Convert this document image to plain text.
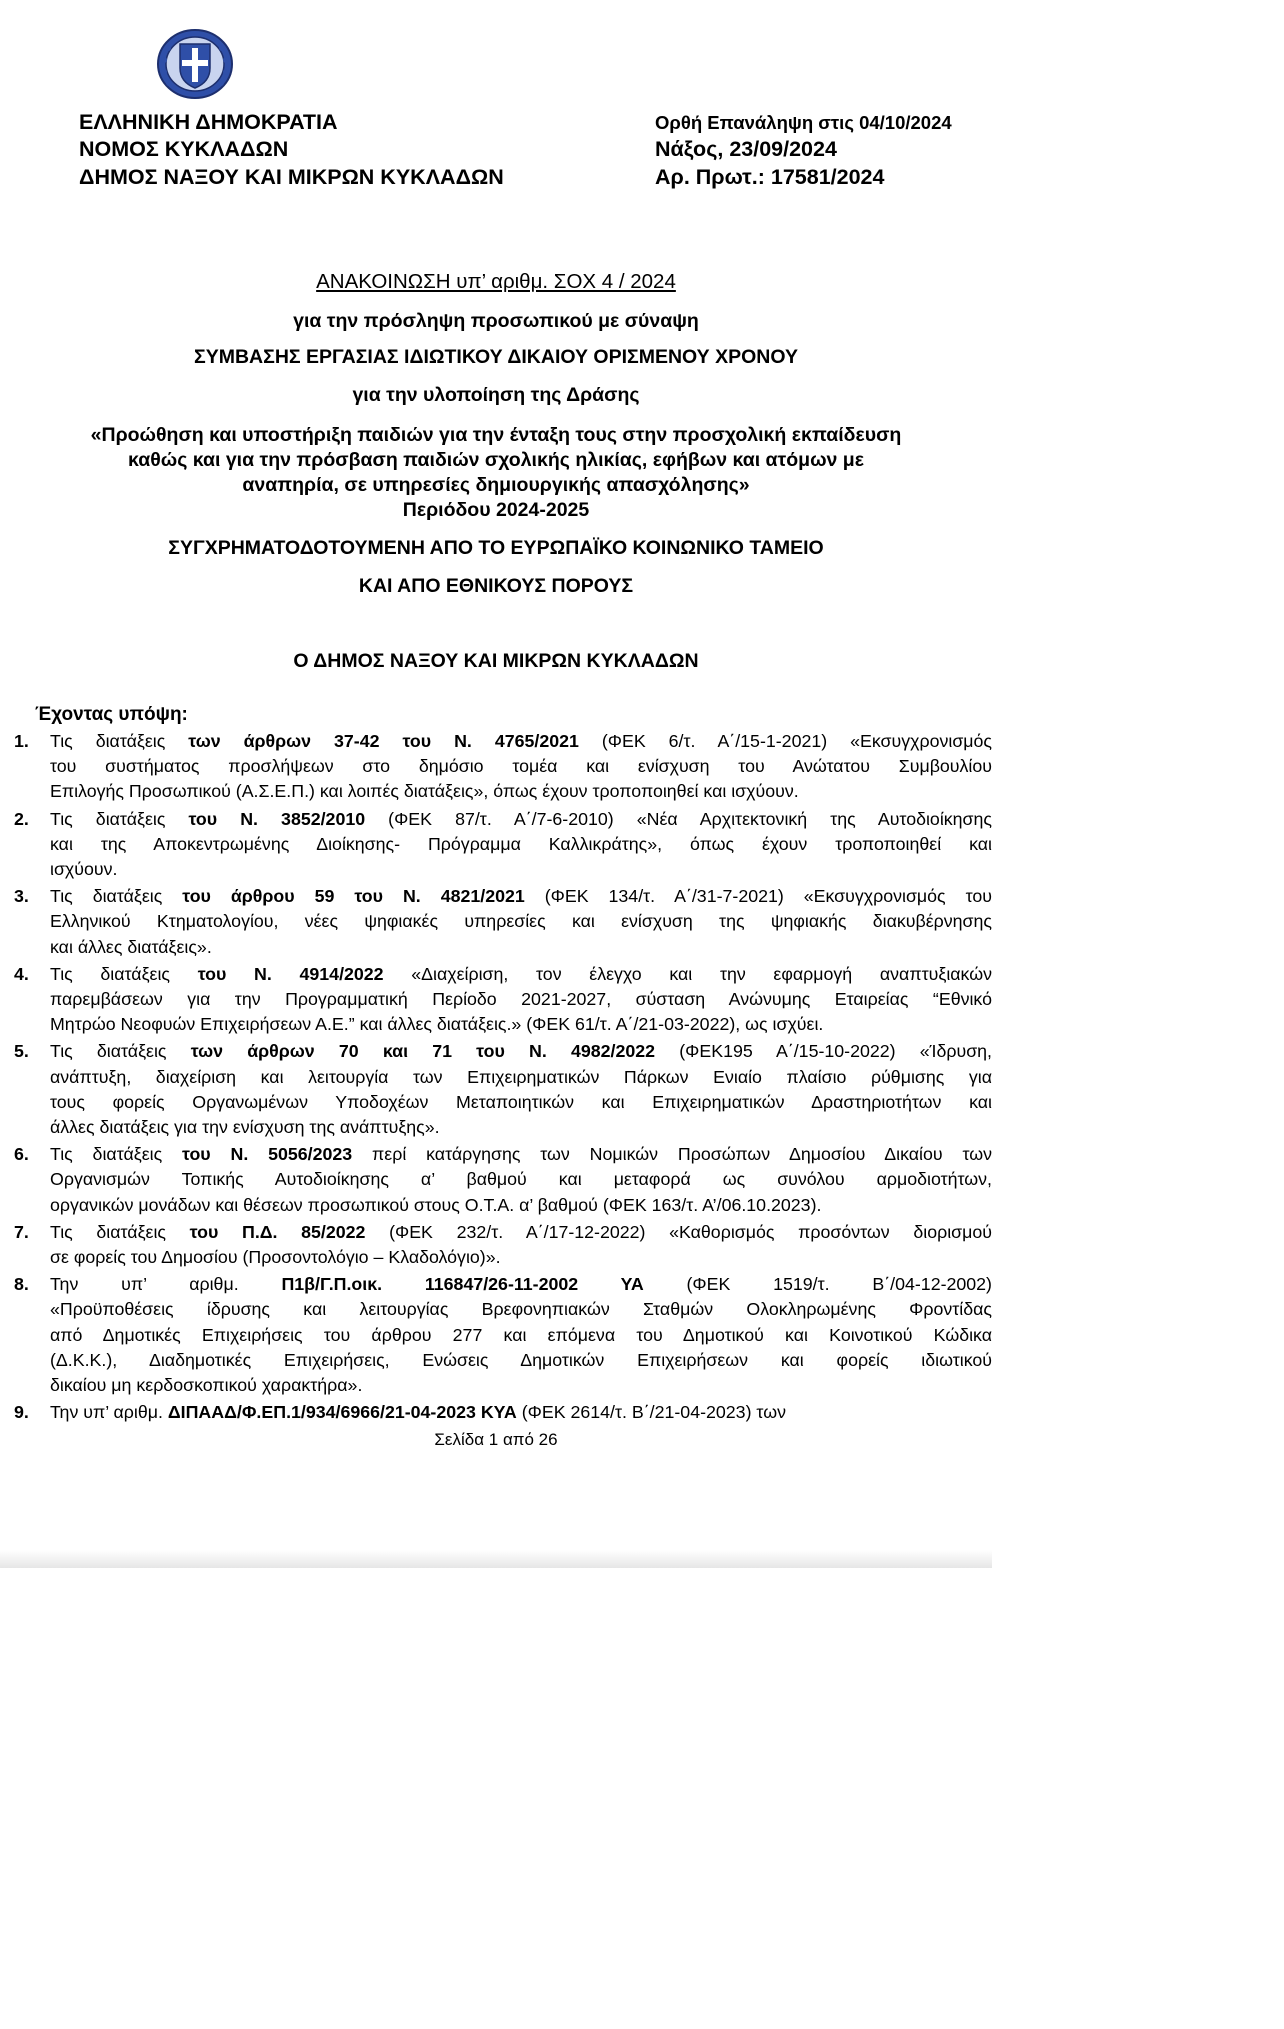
ΕΛΛΗΝΙΚΗ ΔΗΜΟΚΡΑΤΙΑ
ΝΟΜΟΣ ΚΥΚΛΑΔΩΝ
ΔΗΜΟΣ ΝΑΞΟΥ ΚΑΙ ΜΙΚΡΩΝ ΚΥΚΛΑΔΩΝ
Ορθή Επανάληψη στις 04/10/2024
Νάξος, 23/09/2024
Αρ. Πρωτ.: 17581/2024
ΑΝΑΚΟΙΝΩΣΗ υπ’ αριθμ. ΣΟΧ 4 / 2024
για την πρόσληψη προσωπικού με σύναψη
ΣΥΜΒΑΣΗΣ ΕΡΓΑΣΙΑΣ ΙΔΙΩΤΙΚΟΥ ΔΙΚΑΙΟΥ ΟΡΙΣΜΕΝΟΥ ΧΡΟΝΟΥ
για την υλοποίηση της Δράσης
«Προώθηση και υποστήριξη παιδιών για την ένταξη τους στην προσχολική εκπαίδευση
καθώς και για την πρόσβαση παιδιών σχολικής ηλικίας, εφήβων και ατόμων με
αναπηρία, σε υπηρεσίες δημιουργικής απασχόλησης»
Περιόδου 2024-2025
ΣΥΓΧΡΗΜΑΤΟΔΟΤΟΥΜΕΝΗ ΑΠΟ ΤΟ ΕΥΡΩΠΑΪΚΟ ΚΟΙΝΩΝΙΚΟ ΤΑΜΕΙΟ
ΚΑΙ ΑΠΟ ΕΘΝΙΚΟΥΣ ΠΟΡΟΥΣ
Ο ΔΗΜΟΣ ΝΑΞΟΥ ΚΑΙ ΜΙΚΡΩΝ ΚΥΚΛΑΔΩΝ
Έχοντας υπόψη:
1. Τις διατάξεις των άρθρων 37-42 του Ν. 4765/2021 (ΦΕΚ 6/τ. Α΄/15-1-2021) «Εκσυγχρονισμός
του συστήματος προσλήψεων στο δημόσιο τομέα και ενίσχυση του Ανώτατου Συμβουλίου
Επιλογής Προσωπικού (Α.Σ.Ε.Π.) και λοιπές διατάξεις», όπως έχουν τροποποιηθεί και ισχύουν.
2. Τις διατάξεις του Ν. 3852/2010 (ΦΕΚ 87/τ. Α΄/7-6-2010) «Νέα Αρχιτεκτονική της Αυτοδιοίκησης
και της Αποκεντρωμένης Διοίκησης- Πρόγραμμα Καλλικράτης», όπως έχουν τροποποιηθεί και
ισχύουν.
3. Τις διατάξεις του άρθρου 59 του Ν. 4821/2021 (ΦΕΚ 134/τ. Α΄/31-7-2021) «Εκσυγχρονισμός του
Ελληνικού Κτηματολογίου, νέες ψηφιακές υπηρεσίες και ενίσχυση της ψηφιακής διακυβέρνησης
και άλλες διατάξεις».
4. Τις διατάξεις του Ν. 4914/2022 «Διαχείριση, τον έλεγχο και την εφαρμογή αναπτυξιακών
παρεμβάσεων για την Προγραμματική Περίοδο 2021-2027, σύσταση Ανώνυμης Εταιρείας “Εθνικό
Μητρώο Νεοφυών Επιχειρήσεων Α.Ε.” και άλλες διατάξεις.» (ΦΕΚ 61/τ. Α΄/21-03-2022), ως ισχύει.
5. Τις διατάξεις των άρθρων 70 και 71 του Ν. 4982/2022 (ΦΕΚ195 Α΄/15-10-2022) «Ίδρυση,
ανάπτυξη, διαχείριση και λειτουργία των Επιχειρηματικών Πάρκων Ενιαίο πλαίσιο ρύθμισης για
τους φορείς Οργανωμένων Υποδοχέων Μεταποιητικών και Επιχειρηματικών Δραστηριοτήτων και
άλλες διατάξεις για την ενίσχυση της ανάπτυξης».
6. Τις διατάξεις του Ν. 5056/2023 περί κατάργησης των Νομικών Προσώπων Δημοσίου Δικαίου των
Οργανισμών Τοπικής Αυτοδιοίκησης α’ βαθμού και μεταφορά ως συνόλου αρμοδιοτήτων,
οργανικών μονάδων και θέσεων προσωπικού στους Ο.Τ.Α. α’ βαθμού (ΦΕΚ 163/τ. Α’/06.10.2023).
7. Τις διατάξεις του Π.Δ. 85/2022 (ΦΕΚ 232/τ. Α΄/17-12-2022) «Καθορισμός προσόντων διορισμού
σε φορείς του Δημοσίου (Προσοντολόγιο – Κλαδολόγιο)».
8. Την υπ’ αριθμ. Π1β/Γ.Π.οικ. 116847/26-11-2002 ΥΑ (ΦΕΚ 1519/τ. Β΄/04-12-2002)
«Προϋποθέσεις ίδρυσης και λειτουργίας Βρεφονηπιακών Σταθμών Ολοκληρωμένης Φροντίδας
από Δημοτικές Επιχειρήσεις του άρθρου 277 και επόμενα του Δημοτικού και Κοινοτικού Κώδικα
(Δ.Κ.Κ.), Διαδημοτικές Επιχειρήσεις, Ενώσεις Δημοτικών Επιχειρήσεων και φορείς ιδιωτικού
δικαίου μη κερδοσκοπικού χαρακτήρα».
9. Την υπ’ αριθμ. ΔΙΠΑΑΔ/Φ.ΕΠ.1/934/6966/21-04-2023 ΚΥΑ (ΦΕΚ 2614/τ. Β΄/21-04-2023) των
Σελίδα 1 από 26
